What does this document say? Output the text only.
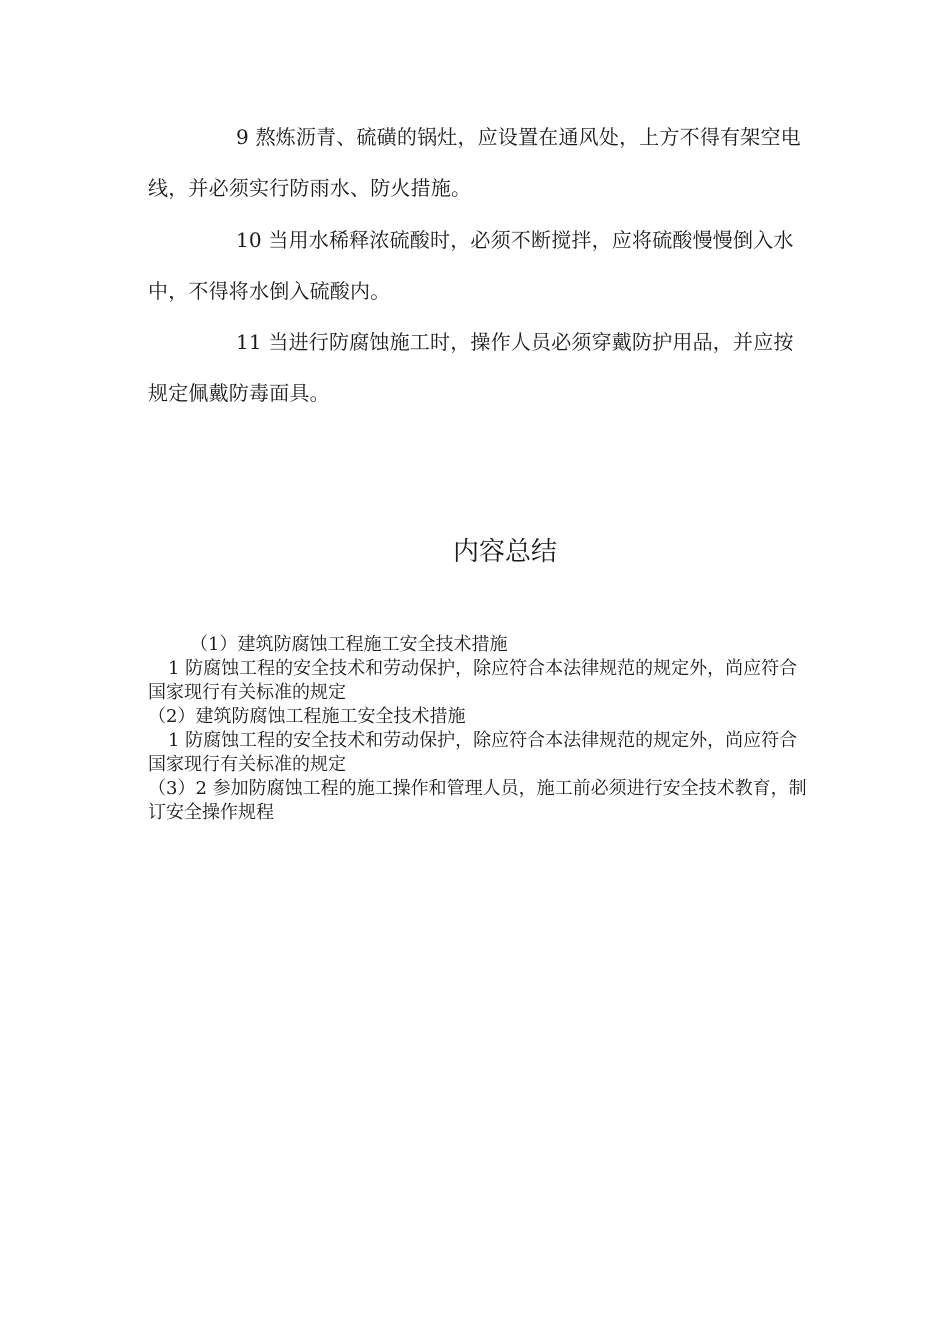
9 熬炼沥青、硫磺的锅灶，应设置在通风处，上方不得有架空电线，并必须实行防雨水、防火措施。

10 当用水稀释浓硫酸时，必须不断搅拌，应将硫酸慢慢倒入水中，不得将水倒入硫酸内。

11 当进行防腐蚀施工时，操作人员必须穿戴防护用品，并应按规定佩戴防毒面具。

内容总结

（1）建筑防腐蚀工程施工安全技术措施

1 防腐蚀工程的安全技术和劳动保护，除应符合本法律规范的规定外，尚应符合国家现行有关标准的规定

（2）建筑防腐蚀工程施工安全技术措施

1 防腐蚀工程的安全技术和劳动保护，除应符合本法律规范的规定外，尚应符合国家现行有关标准的规定

（3）2 参加防腐蚀工程的施工操作和管理人员，施工前必须进行安全技术教育，制订安全操作规程
